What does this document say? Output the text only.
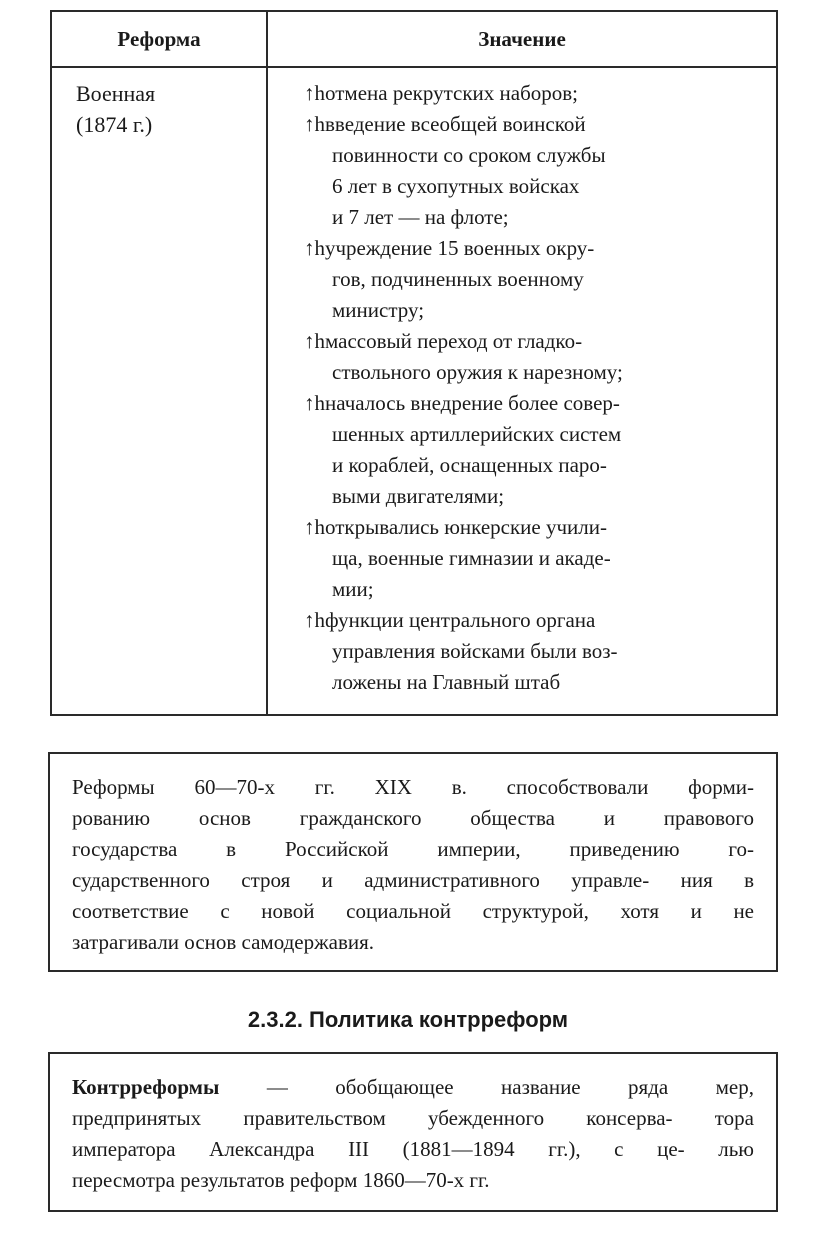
Реформа	Значение
Военная
(1874 г.)
↑hотмена рекрутских наборов;
↑hвведение всеобщей воинской
повинности со сроком службы
6 лет в сухопутных войсках
и 7 лет — на флоте;
↑hучреждение 15 военных окру-
гов, подчиненных военному
министру;
↑hмассовый переход от гладко-
ствольного оружия к нарезному;
↑hначалось внедрение более совер-
шенных артиллерийских систем
и кораблей, оснащенных паро-
выми двигателями;
↑hоткрывались юнкерские учили-
ща, военные гимназии и акаде-
мии;
↑hфункции центрального органа
управления войсками были воз-
ложены на Главный штаб
Реформы 60—70-х гг. XIX в. способствовали форми-
рованию основ гражданского общества и правового
государства в Российской империи, приведению го-
сударственного строя и административного управле- ния в
соответствие с новой социальной структурой, хотя и не
затрагивали основ самодержавия.
2.3.2. Политика контрреформ
Контрреформы — обобщающее название ряда мер,
предпринятых правительством убежденного консерва- тора
императора Александра III (1881—1894 гг.), с це- лью
пересмотра результатов реформ 1860—70-х гг.
